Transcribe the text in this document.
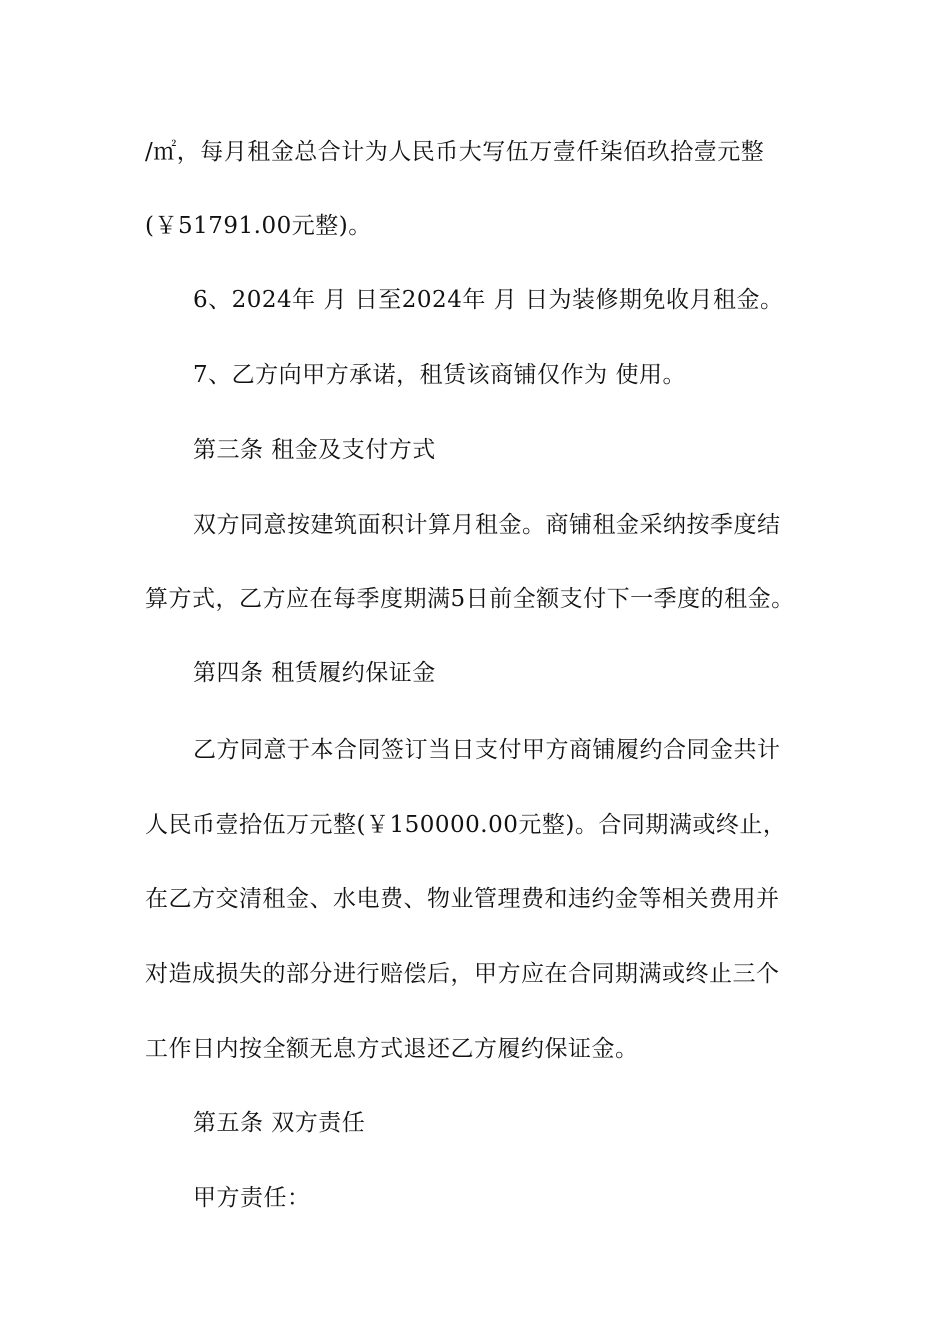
/㎡，每月租金总合计为人民币大写伍万壹仟柒佰玖拾壹元整
(￥51791.00元整)。
6、2024年 月 日至2024年 月 日为装修期免收月租金。
7、乙方向甲方承诺，租赁该商铺仅作为 使用。
第三条 租金及支付方式
双方同意按建筑面积计算月租金。商铺租金采纳按季度结
算方式，乙方应在每季度期满5日前全额支付下一季度的租金。
第四条 租赁履约保证金
乙方同意于本合同签订当日支付甲方商铺履约合同金共计
人民币壹拾伍万元整(￥150000.00元整)。合同期满或终止，
在乙方交清租金、水电费、物业管理费和违约金等相关费用并
对造成损失的部分进行赔偿后，甲方应在合同期满或终止三个
工作日内按全额无息方式退还乙方履约保证金。
第五条 双方责任
甲方责任：
